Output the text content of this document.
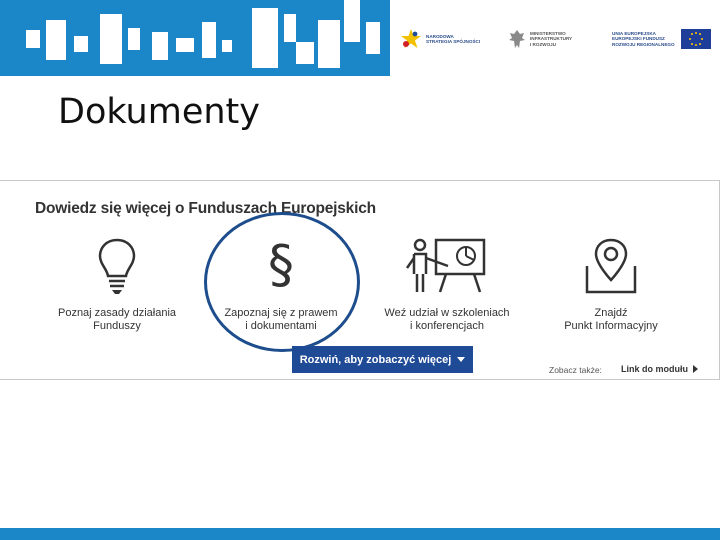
NARODOWA
STRATEGIA SPÓJNOŚCI
MINISTERSTWO
INFRASTRUKTURY
I ROZWOJU
UNIA EUROPEJSKA
EUROPEJSKI FUNDUSZ
ROZWOJU REGIONALNEGO
Dokumenty
Dowiedz się więcej o Funduszach Europejskich
Poznaj zasady działania
Funduszy
§
Zapoznaj się z prawem
i dokumentami
Weź udział w szkoleniach
i konferencjach
Znajdź
Punkt Informacyjny
Rozwiń, aby zobaczyć więcej
Zobacz także: Link do modułu
